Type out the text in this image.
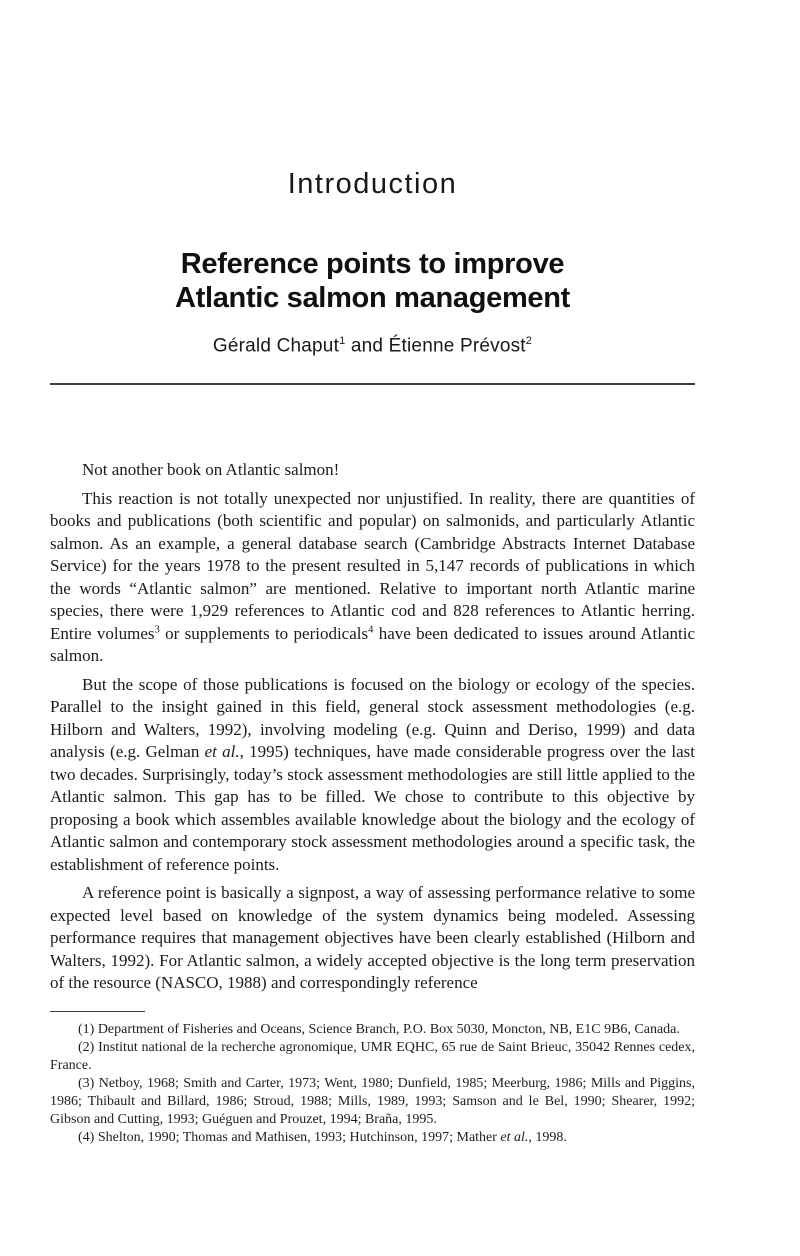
Introduction
Reference points to improve
Atlantic salmon management
Gérald Chaput$^1$ and Étienne Prévost$^2$

Not another book on Atlantic salmon!

This reaction is not totally unexpected nor unjustified. In reality, there are quantities of books and publications (both scientific and popular) on salmonids, and particularly Atlantic salmon. As an example, a general database search (Cambridge Abstracts Internet Database Service) for the years 1978 to the present resulted in 5,147 records of publications in which the words “Atlantic salmon” are mentioned. Relative to important north Atlantic marine species, there were 1,929 references to Atlantic cod and 828 references to Atlantic herring. Entire volumes$^3$ or supplements to periodicals$^4$ have been dedicated to issues around Atlantic salmon.

But the scope of those publications is focused on the biology or ecology of the species. Parallel to the insight gained in this field, general stock assessment methodologies (e.g. Hilborn and Walters, 1992), involving modeling (e.g. Quinn and Deriso, 1999) and data analysis (e.g. Gelman et al., 1995) techniques, have made considerable progress over the last two decades. Surprisingly, today’s stock assessment methodologies are still little applied to the Atlantic salmon. This gap has to be filled. We chose to contribute to this objective by proposing a book which assembles available knowledge about the biology and the ecology of Atlantic salmon and contemporary stock assessment methodologies around a specific task, the establishment of reference points.

A reference point is basically a signpost, a way of assessing performance relative to some expected level based on knowledge of the system dynamics being modeled. Assessing performance requires that management objectives have been clearly established (Hilborn and Walters, 1992). For Atlantic salmon, a widely accepted objective is the long term preservation of the resource (NASCO, 1988) and correspondingly reference

(1) Department of Fisheries and Oceans, Science Branch, P.O. Box 5030, Moncton, NB, E1C 9B6, Canada.

(2) Institut national de la recherche agronomique, UMR EQHC, 65 rue de Saint Brieuc, 35042 Rennes cedex, France.

(3) Netboy, 1968; Smith and Carter, 1973; Went, 1980; Dunfield, 1985; Meerburg, 1986; Mills and Piggins, 1986; Thibault and Billard, 1986; Stroud, 1988; Mills, 1989, 1993; Samson and le Bel, 1990; Shearer, 1992; Gibson and Cutting, 1993; Guéguen and Prouzet, 1994; Braña, 1995.

(4) Shelton, 1990; Thomas and Mathisen, 1993; Hutchinson, 1997; Mather et al., 1998.
